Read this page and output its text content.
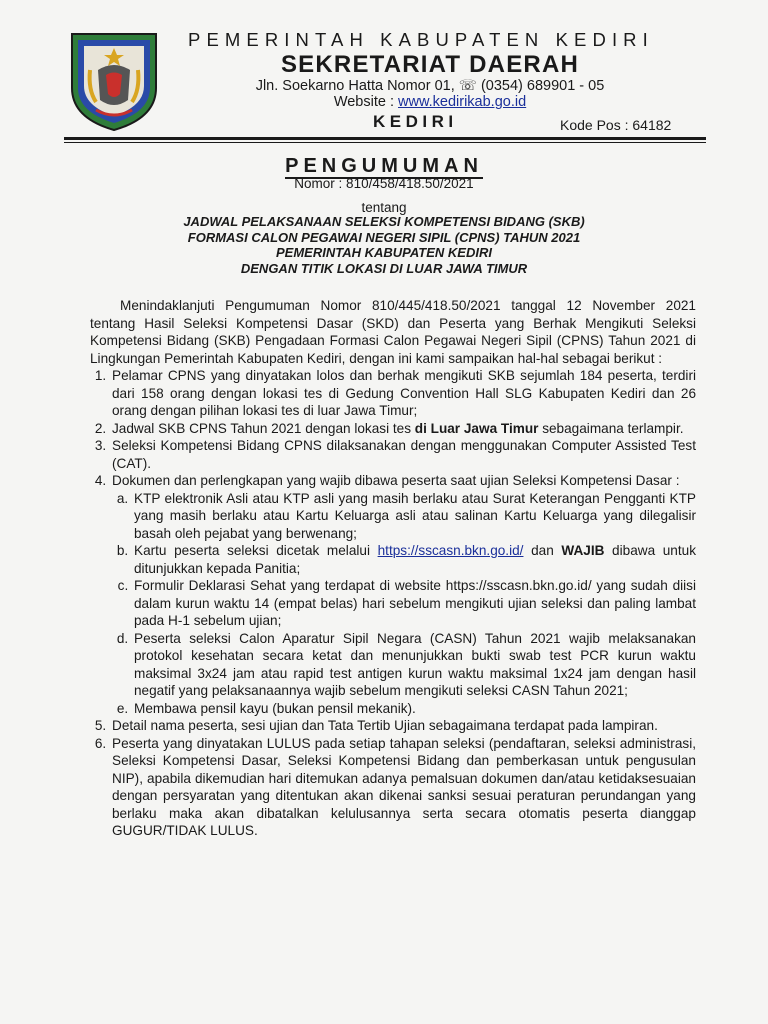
PEMERINTAH KABUPATEN KEDIRI
SEKRETARIAT DAERAH
Jln. Soekarno Hatta Nomor 01, ☏ (0354) 689901 - 05
Website : www.kedirikab.go.id
KEDIRI	Kode Pos : 64182
PENGUMUMAN
Nomor : 810/458/418.50/2021
tentang
JADWAL PELAKSANAAN SELEKSI KOMPETENSI BIDANG (SKB)
FORMASI CALON PEGAWAI NEGERI SIPIL (CPNS) TAHUN 2021
PEMERINTAH KABUPATEN KEDIRI
DENGAN TITIK LOKASI DI LUAR JAWA TIMUR

Menindaklanjuti Pengumuman Nomor 810/445/418.50/2021 tanggal 12 November 2021 tentang Hasil Seleksi Kompetensi Dasar (SKD) dan Peserta yang Berhak Mengikuti Seleksi Kompetensi Bidang (SKB) Pengadaan Formasi Calon Pegawai Negeri Sipil (CPNS) Tahun 2021 di Lingkungan Pemerintah Kabupaten Kediri, dengan ini kami sampaikan hal-hal sebagai berikut :

1. Pelamar CPNS yang dinyatakan lolos dan berhak mengikuti SKB sejumlah 184 peserta, terdiri dari 158 orang dengan lokasi tes di Gedung Convention Hall SLG Kabupaten Kediri dan 26 orang dengan pilihan lokasi tes di luar Jawa Timur;
2. Jadwal SKB CPNS Tahun 2021 dengan lokasi tes di Luar Jawa Timur sebagaimana terlampir.
3. Seleksi Kompetensi Bidang CPNS dilaksanakan dengan menggunakan Computer Assisted Test (CAT).
4. Dokumen dan perlengkapan yang wajib dibawa peserta saat ujian Seleksi Kompetensi Dasar :
a. KTP elektronik Asli atau KTP asli yang masih berlaku atau Surat Keterangan Pengganti KTP yang masih berlaku atau Kartu Keluarga asli atau salinan Kartu Keluarga yang dilegalisir basah oleh pejabat yang berwenang;
b. Kartu peserta seleksi dicetak melalui https://sscasn.bkn.go.id/ dan WAJIB dibawa untuk ditunjukkan kepada Panitia;
c. Formulir Deklarasi Sehat yang terdapat di website https://sscasn.bkn.go.id/ yang sudah diisi dalam kurun waktu 14 (empat belas) hari sebelum mengikuti ujian seleksi dan paling lambat pada H-1 sebelum ujian;
d. Peserta seleksi Calon Aparatur Sipil Negara (CASN) Tahun 2021 wajib melaksanakan protokol kesehatan secara ketat dan menunjukkan bukti swab test PCR kurun waktu maksimal 3x24 jam atau rapid test antigen kurun waktu maksimal 1x24 jam dengan hasil negatif yang pelaksanaannya wajib sebelum mengikuti seleksi CASN Tahun 2021;
e. Membawa pensil kayu (bukan pensil mekanik).
5. Detail nama peserta, sesi ujian dan Tata Tertib Ujian sebagaimana terdapat pada lampiran.
6. Peserta yang dinyatakan LULUS pada setiap tahapan seleksi (pendaftaran, seleksi administrasi, Seleksi Kompetensi Dasar, Seleksi Kompetensi Bidang dan pemberkasan untuk pengusulan NIP), apabila dikemudian hari ditemukan adanya pemalsuan dokumen dan/atau ketidaksesuaian dengan persyaratan yang ditentukan akan dikenai sanksi sesuai peraturan perundangan yang berlaku maka akan dibatalkan kelulusannya serta secara otomatis peserta dianggap GUGUR/TIDAK LULUS.
